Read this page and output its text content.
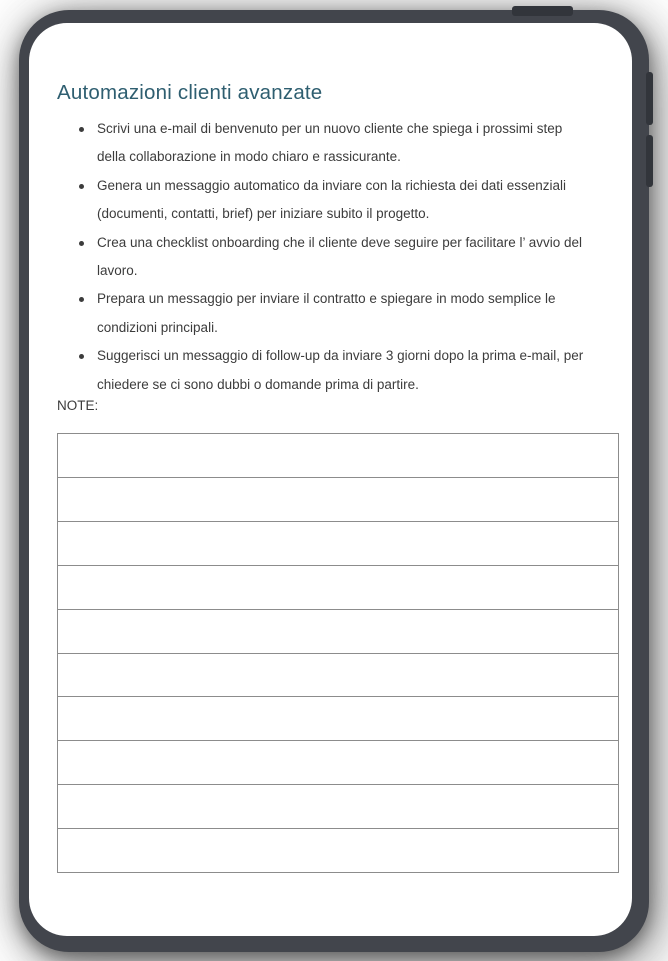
Automazioni clienti avanzate
Scrivi una e-mail di benvenuto per un nuovo cliente che spiega i prossimi step della collaborazione in modo chiaro e rassicurante.
Genera un messaggio automatico da inviare con la richiesta dei dati essenziali (documenti, contatti, brief) per iniziare subito il progetto.
Crea una checklist onboarding che il cliente deve seguire per facilitare l’ avvio del lavoro.
Prepara un messaggio per inviare il contratto e spiegare in modo semplice le condizioni principali.
Suggerisci un messaggio di follow-up da inviare 3 giorni dopo la prima e-mail, per chiedere se ci sono dubbi o domande prima di partire.
NOTE:
